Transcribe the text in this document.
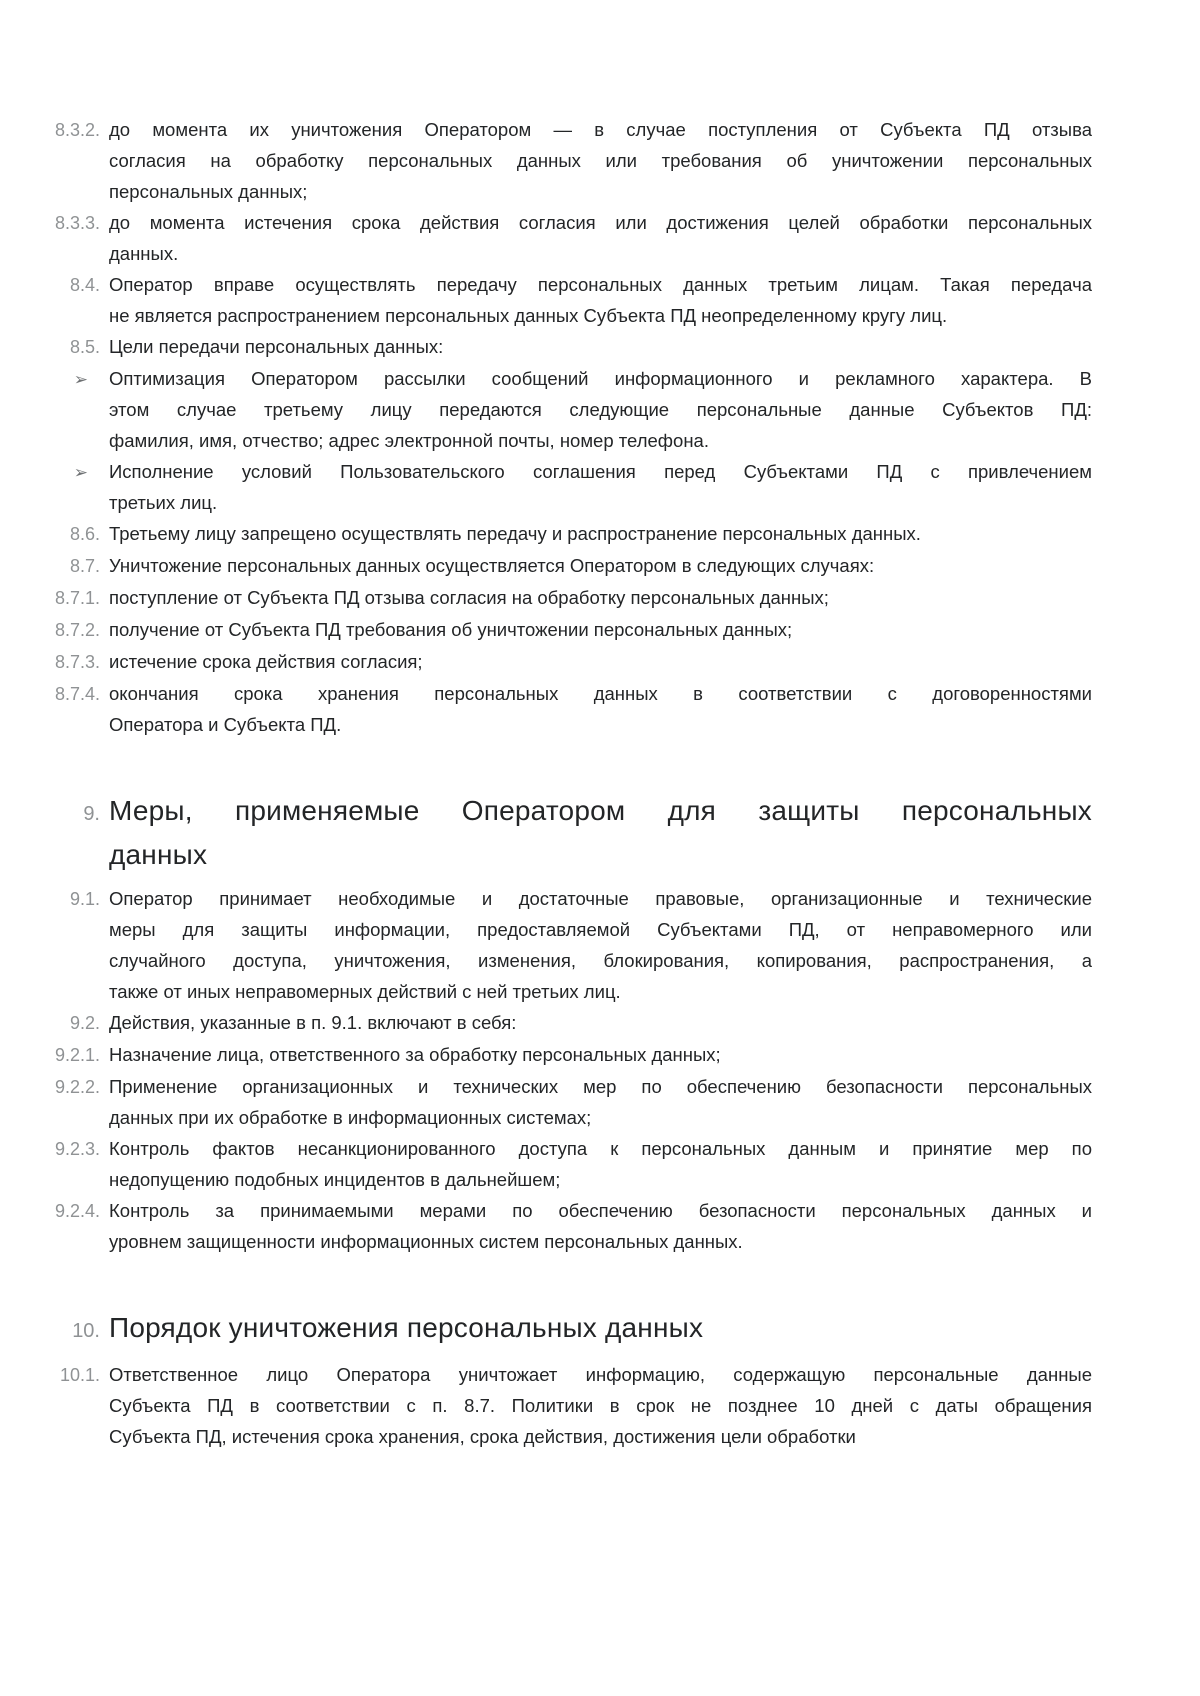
8.3.2. до момента их уничтожения Оператором — в случае поступления от Субъекта ПД отзыва
согласия на обработку персональных данных или требования об уничтожении персональных
персональных данных;
8.3.3. до момента истечения срока действия согласия или достижения целей обработки персональных
данных.
8.4. Оператор вправе осуществлять передачу персональных данных третьим лицам. Такая передача
не является распространением персональных данных Субъекта ПД неопределенному кругу лиц.
8.5. Цели передачи персональных данных:
➢	Оптимизация Оператором рассылки сообщений информационного и рекламного характера. В
этом случае третьему лицу передаются следующие персональные данные Субъектов ПД:
фамилия, имя, отчество; адрес электронной почты, номер телефона.
➢	Исполнение условий Пользовательского соглашения перед Субъектами ПД с привлечением
третьих лиц.
8.6. Третьему лицу запрещено осуществлять передачу и распространение персональных данных.
8.7. Уничтожение персональных данных осуществляется Оператором в следующих случаях:
8.7.1. поступление от Субъекта ПД отзыва согласия на обработку персональных данных;
8.7.2. получение от Субъекта ПД требования об уничтожении персональных данных;
8.7.3. истечение срока действия согласия;
8.7.4. окончания срока хранения персональных данных в соответствии с договоренностями
Оператора и Субъекта ПД.
9. Меры, применяемые Оператором для защиты персональных
данных
9.1. Оператор принимает необходимые и достаточные правовые, организационные и технические
меры для защиты информации, предоставляемой Субъектами ПД, от неправомерного или
случайного доступа, уничтожения, изменения, блокирования, копирования, распространения, а
также от иных неправомерных действий с ней третьих лиц.
9.2. Действия, указанные в п. 9.1. включают в себя:
9.2.1. Назначение лица, ответственного за обработку персональных данных;
9.2.2. Применение организационных и технических мер по обеспечению безопасности персональных
данных при их обработке в информационных системах;
9.2.3. Контроль фактов несанкционированного доступа к персональных данным и принятие мер по
недопущению подобных инцидентов в дальнейшем;
9.2.4. Контроль за принимаемыми мерами по обеспечению безопасности персональных данных и
уровнем защищенности информационных систем персональных данных.
10. Порядок уничтожения персональных данных
10.1. Ответственное лицо Оператора уничтожает информацию, содержащую персональные данные
Субъекта ПД в соответствии с п. 8.7. Политики в срок не позднее 10 дней с даты обращения
Субъекта ПД, истечения срока хранения, срока действия, достижения цели обработки
